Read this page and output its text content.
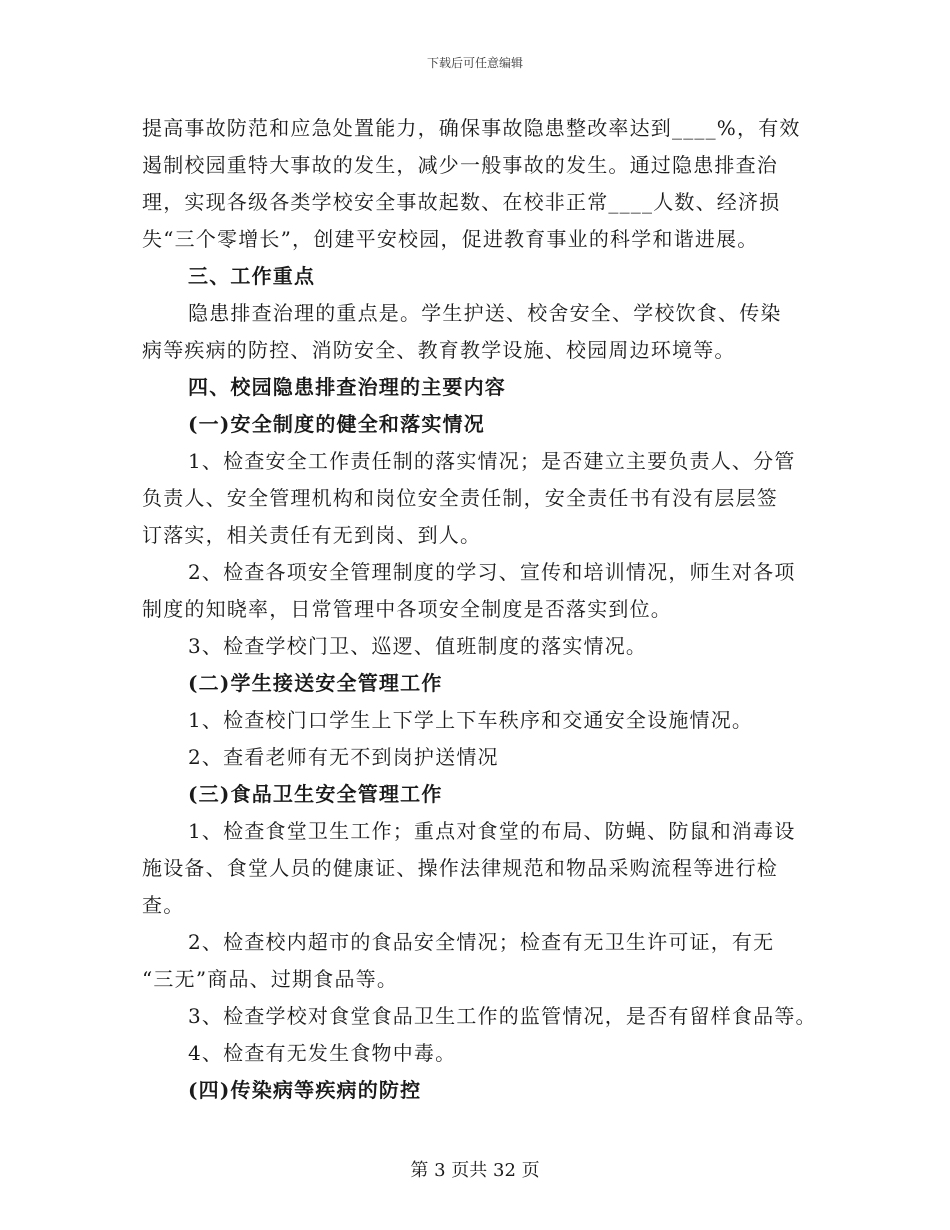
下载后可任意编辑
提高事故防范和应急处置能力，确保事故隐患整改率达到____%，有效
遏制校园重特大事故的发生，减少一般事故的发生。通过隐患排查治
理，实现各级各类学校安全事故起数、在校非正常____人数、经济损
失“三个零增长”，创建平安校园，促进教育事业的科学和谐进展。
三、工作重点
隐患排查治理的重点是。学生护送、校舍安全、学校饮食、传染
病等疾病的防控、消防安全、教育教学设施、校园周边环境等。
四、校园隐患排查治理的主要内容
(一)安全制度的健全和落实情况
1、检查安全工作责任制的落实情况；是否建立主要负责人、分管
负责人、安全管理机构和岗位安全责任制，安全责任书有没有层层签
订落实，相关责任有无到岗、到人。
2、检查各项安全管理制度的学习、宣传和培训情况，师生对各项
制度的知晓率，日常管理中各项安全制度是否落实到位。
3、检查学校门卫、巡逻、值班制度的落实情况。
(二)学生接送安全管理工作
1、检查校门口学生上下学上下车秩序和交通安全设施情况。
2、查看老师有无不到岗护送情况
(三)食品卫生安全管理工作
1、检查食堂卫生工作；重点对食堂的布局、防蝇、防鼠和消毒设
施设备、食堂人员的健康证、操作法律规范和物品采购流程等进行检
查。
2、检查校内超市的食品安全情况；检查有无卫生许可证，有无
“三无”商品、过期食品等。
3、检查学校对食堂食品卫生工作的监管情况，是否有留样食品等。
4、检查有无发生食物中毒。
(四)传染病等疾病的防控
第 3 页共 32 页
